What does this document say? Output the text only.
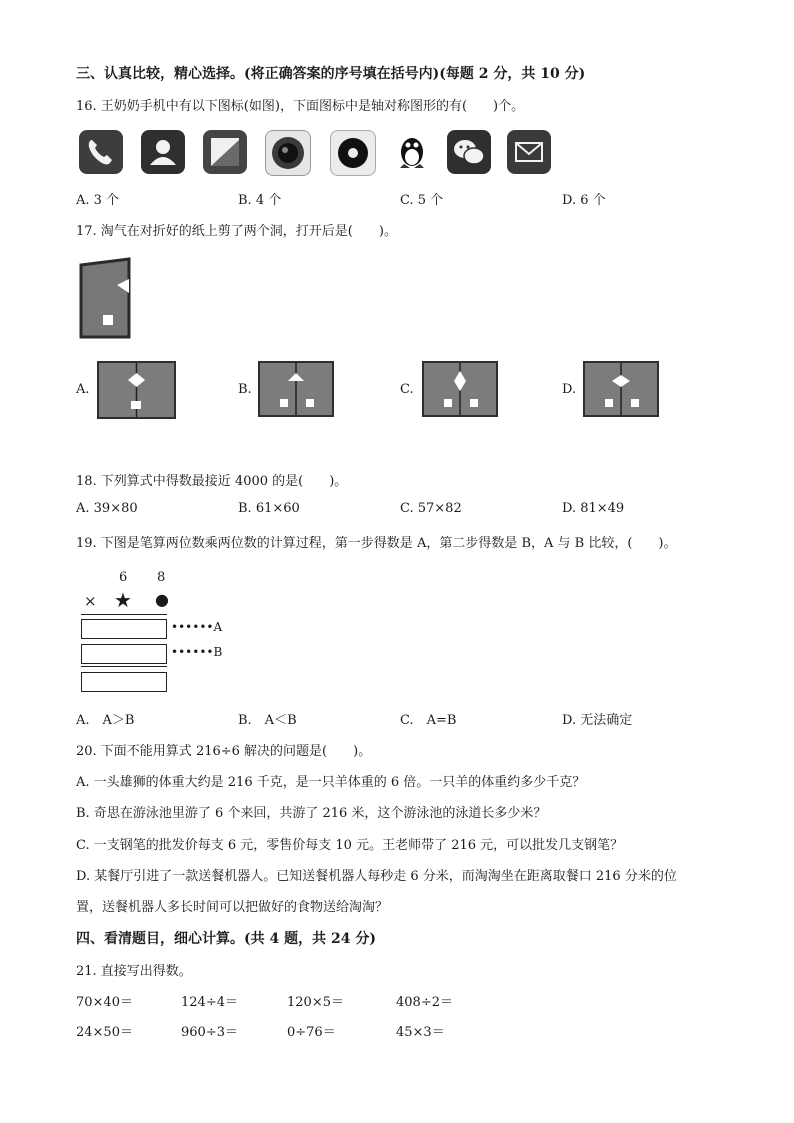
三、认真比较，精心选择。(将正确答案的序号填在括号内)(每题 2 分，共 10 分)
16. 王奶奶手机中有以下图标(如图)，下面图标中是轴对称图形的有(　　)个。
A. 3 个	B. 4 个	C. 5 个	D. 6 个
17. 淘气在对折好的纸上剪了两个洞，打开后是(　　)。
A.	B.	C.	D.
18. 下列算式中得数最接近 4000 的是(　　)。
A. 39×80	B. 61×60	C. 57×82	D. 81×49
19. 下图是笔算两位数乘两位数的计算过程，第一步得数是 A，第二步得数是 B，A 与 B 比较，(　　)。
6 8
× ★ ●
••••••A
••••••B
A.　A＞B	B.　A＜B	C.　A=B	D. 无法确定
20. 下面不能用算式 216÷6 解决的问题是(　　)。
A. 一头雄狮的体重大约是 216 千克，是一只羊体重的 6 倍。一只羊的体重约多少千克？
B. 奇思在游泳池里游了 6 个来回，共游了 216 米，这个游泳池的泳道长多少米？
C. 一支钢笔的批发价每支 6 元，零售价每支 10 元。王老师带了 216 元，可以批发几支钢笔？
D. 某餐厅引进了一款送餐机器人。已知送餐机器人每秒走 6 分米，而淘淘坐在距离取餐口 216 分米的位
置，送餐机器人多长时间可以把做好的食物送给淘淘？
四、看清题目，细心计算。(共 4 题，共 24 分)
21. 直接写出得数。
70×40＝	124÷4＝	120×5＝	408÷2＝
24×50＝	960÷3＝	0÷76＝	45×3＝
